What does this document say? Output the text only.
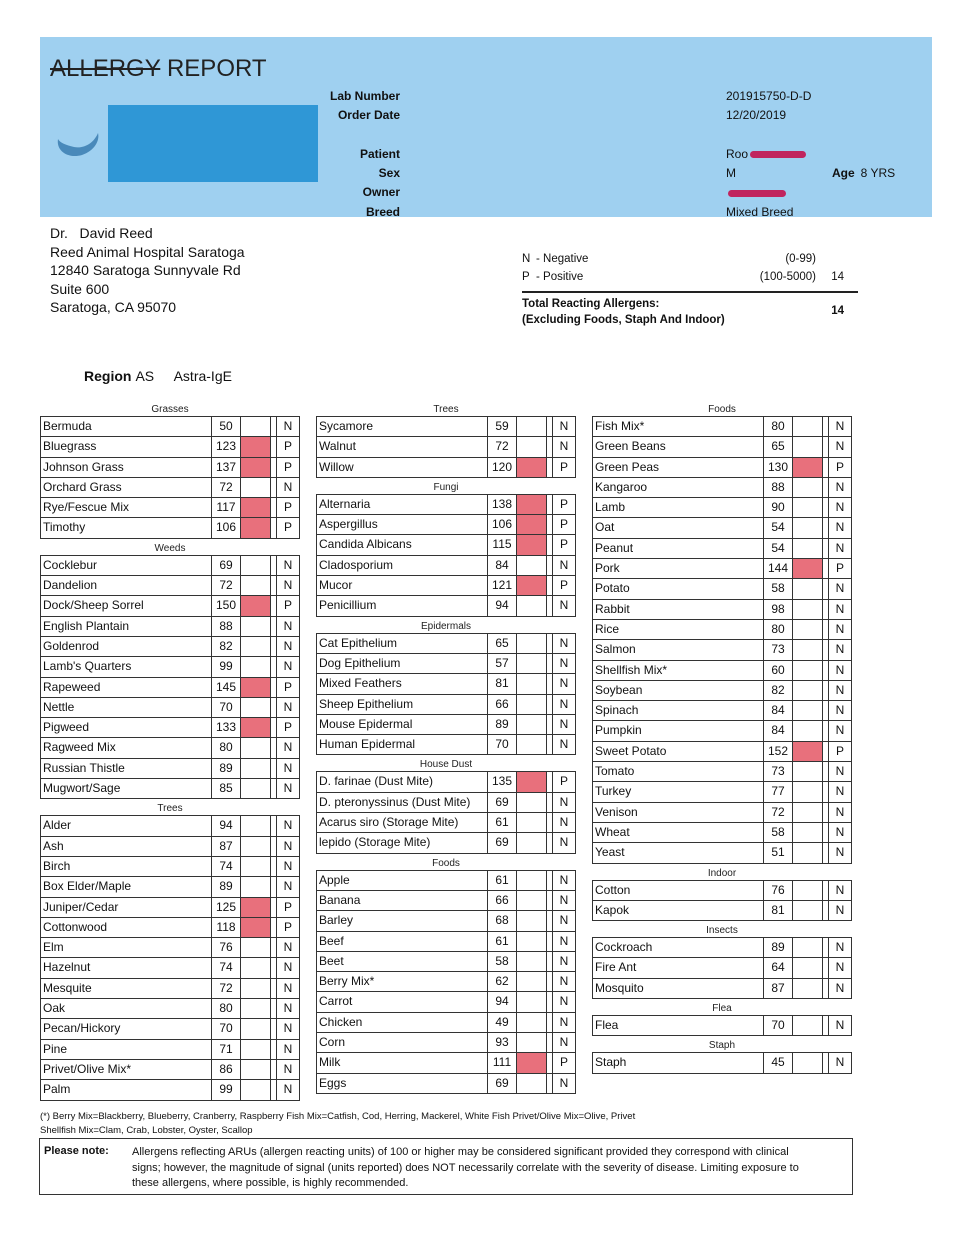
ALLERGY REPORT
Lab Number	201915750-D-D
Order Date	12/20/2019
Patient	Roo
Sex	M	Age 8 YRS
Owner
Breed	Mixed Breed
Dr.   David Reed
Reed Animal Hospital Saratoga
12840 Saratoga Sunnyvale Rd
Suite 600
Saratoga, CA 95070
N - Negative	(0-99)
P - Positive	(100-5000) 14
Total Reacting Allergens:
(Excluding Foods, Staph And Indoor)
14
Region AS Astra-IgE
Grasses
Bermuda	50	N
Bluegrass	123	P
Johnson Grass	137	P
Orchard Grass	72	N
Rye/Fescue Mix	117	P
Timothy	106	P
Weeds
Cocklebur	69	N
Dandelion	72	N
Dock/Sheep Sorrel	150	P
English Plantain	88	N
Goldenrod	82	N
Lamb's Quarters	99	N
Rapeweed	145	P
Nettle	70	N
Pigweed	133	P
Ragweed Mix	80	N
Russian Thistle	89	N
Mugwort/Sage	85	N
Trees
Alder	94	N
Ash	87	N
Birch	74	N
Box Elder/Maple	89	N
Juniper/Cedar	125	P
Cottonwood	118	P
Elm	76	N
Hazelnut	74	N
Mesquite	72	N
Oak	80	N
Pecan/Hickory	70	N
Pine	71	N
Privet/Olive Mix*	86	N
Palm	99	N
Trees
Sycamore	59	N
Walnut	72	N
Willow	120	P
Fungi
Alternaria	138	P
Aspergillus	106	P
Candida Albicans	115	P
Cladosporium	84	N
Mucor	121	P
Penicillium	94	N
Epidermals
Cat Epithelium	65	N
Dog Epithelium	57	N
Mixed Feathers	81	N
Sheep Epithelium	66	N
Mouse Epidermal	89	N
Human Epidermal	70	N
House Dust
D. farinae (Dust Mite)	135	P
D. pteronyssinus (Dust Mite)	69	N
Acarus siro (Storage Mite)	61	N
lepido (Storage Mite)	69	N
Foods
Apple	61	N
Banana	66	N
Barley	68	N
Beef	61	N
Beet	58	N
Berry Mix*	62	N
Carrot	94	N
Chicken	49	N
Corn	93	N
Milk	111	P
Eggs	69	N
Foods
Fish Mix*	80	N
Green Beans	65	N
Green Peas	130	P
Kangaroo	88	N
Lamb	90	N
Oat	54	N
Peanut	54	N
Pork	144	P
Potato	58	N
Rabbit	98	N
Rice	80	N
Salmon	73	N
Shellfish Mix*	60	N
Soybean	82	N
Spinach	84	N
Pumpkin	84	N
Sweet Potato	152	P
Tomato	73	N
Turkey	77	N
Venison	72	N
Wheat	58	N
Yeast	51	N
Indoor
Cotton	76	N
Kapok	81	N
Insects
Cockroach	89	N
Fire Ant	64	N
Mosquito	87	N
Flea
Flea	70	N
Staph
Staph	45	N
(*) Berry Mix=Blackberry, Blueberry, Cranberry, Raspberry Fish Mix=Catfish, Cod, Herring, Mackerel, White Fish Privet/Olive Mix=Olive, Privet
Shellfish Mix=Clam, Crab, Lobster, Oyster, Scallop
Please note: Allergens reflecting ARUs (allergen reacting units) of 100 or higher may be considered significant provided they correspond with clinical signs; however, the magnitude of signal (units reported) does NOT necessarily correlate with the severity of disease. Limiting exposure to these allergens, where possible, is highly recommended.
